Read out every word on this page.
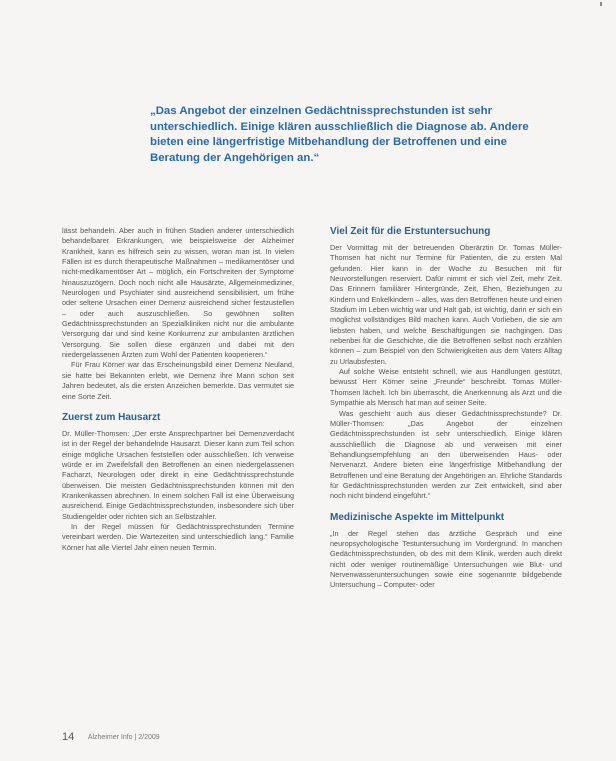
„Das Angebot der einzelnen Gedächtnissprechstunden ist sehr unterschiedlich. Einige klären ausschließlich die Diagnose ab. Andere bieten eine längerfristige Mitbehandlung der Betroffenen und eine Beratung der Angehörigen an.“

lässt behandeln. Aber auch in frühen Stadien anderer unterschiedlich behandelbarer Erkrankungen, wie beispielsweise der Alzheimer Krankheit, kann es hilfreich sein zu wissen, woran man ist. In vielen Fällen ist es durch therapeutische Maßnahmen – medikamentöser und nicht-medikamentöser Art – möglich, ein Fortschreiten der Symptome hinauszuzögern. Doch noch nicht alle Hausärzte, Allgemeinmediziner, Neurologen und Psychiater sind ausreichend sensibilisiert, um frühe oder seltene Ursachen einer Demenz ausreichend sicher festzustellen – oder auch auszuschließen. So gewöhnen sollten Gedächtnissprechstunden an Spezialkliniken nicht nur die ambulante Versorgung dar und sind keine Konkurrenz zur ambulanten ärztlichen Versorgung. Sie sollen diese ergänzen und dabei mit den niedergelassenen Ärzten zum Wohl der Patienten kooperieren.“

Für Frau Körner war das Erscheinungsbild einer Demenz Neuland, sie hatte bei Bekannten erlebt, wie Demenz ihre Mann schon seit Jahren bedeutet, als die ersten Anzeichen bemerkte. Das vermutet sie eine Sorte Zeit.

Zuerst zum Hausarzt

Dr. Müller-Thomsen: „Der erste Ansprechpartner bei Demenzverdacht ist in der Regel der behandelnde Hausarzt. Dieser kann zum Teil schon einige mögliche Ursachen feststellen oder ausschließen. Ich verweise würde er im Zweifelsfall den Betroffenen an einen niedergelassenen Facharzt, Neurologen oder direkt in eine Gedächtnissprechstunde überweisen. Die meisten Gedächtnissprechstunden können mit den Krankenkassen abrechnen. In einem solchen Fall ist eine Überweisung ausreichend. Einige Gedächtnissprechstunden, insbesondere sich über Studiengelder oder richten sich an Selbstzahler.

In der Regel müssen für Gedächtnissprechstunden Termine vereinbart werden. Die Wartezeiten sind unterschiedlich lang.“ Familie Körner hat alle Viertel Jahr einen neuen Termin.

Viel Zeit für die Erstuntersuchung

Der Vormittag mit der betreuenden Oberärztin Dr. Tomas Müller-Thomsen hat nicht nur Termine für Patienten, die zu ersten Mal gefunden. Hier kann in der Woche zu Besuchen mit für Neuvorstellungen reserviert. Dafür nimmt er sich viel Zeit, mehr Zeit. Das Erinnern familiärer Hintergründe, Zeit, Ehen, Beziehungen zu Kindern und Enkelkindern – alles, was den Betroffenen heute und einen Stadium im Leben wichtig war und Halt gab, ist wichtig, darin er sich ein möglichst vollständiges Bild machen kann. Auch Vorlieben, die sie am liebsten haben, und welche Beschäftigungen sie nachgingen. Das nebenbei für die Geschichte, die die Betroffenen selbst noch erzählen können – zum Beispiel von den Schwierigkeiten aus dem Vaters Alltag zu Urlaubsfesten.

Auf solche Weise entsteht schnell, wie aus Handlungen gestützt, bewusst Herr Körner seine „Freunde“ beschreibt. Tomas Müller-Thomsen lächelt. Ich bin überrascht, die Anerkennung als Arzt und die Sympathie als Mensch hat man auf seiner Seite.

Was geschieht auch aus dieser Gedächtnissprechstunde? Dr. Müller-Thomsen: „Das Angebot der einzelnen Gedächtnissprechstunden ist sehr unterschiedlich. Einige klären ausschließlich die Diagnose ab und verweisen mit einer Behandlungsempfehlung an den überweisenden Haus- oder Nervenarzt. Andere bieten eine längerfristige Mitbehandlung der Betroffenen und eine Beratung der Angehörigen an. Ehrliche Standards für Gedächtnissprechstunden werden zur Zeit entwickelt, sind aber noch nicht bindend eingeführt.“

Medizinische Aspekte im Mittelpunkt

„In der Regel stehen das ärztliche Gespräch und eine neuropsychologische Testuntersuchung im Vordergrund. In manchen Gedächtnissprechstunden, ob des mit dem Klinik, werden auch direkt nicht oder weniger routinemäßige Untersuchungen wie Blut- und Nervenwasseruntersuchungen sowie eine sogenannte bildgebende Untersuchung – Computer- oder

14 Alzheimer Info | 2/2009
